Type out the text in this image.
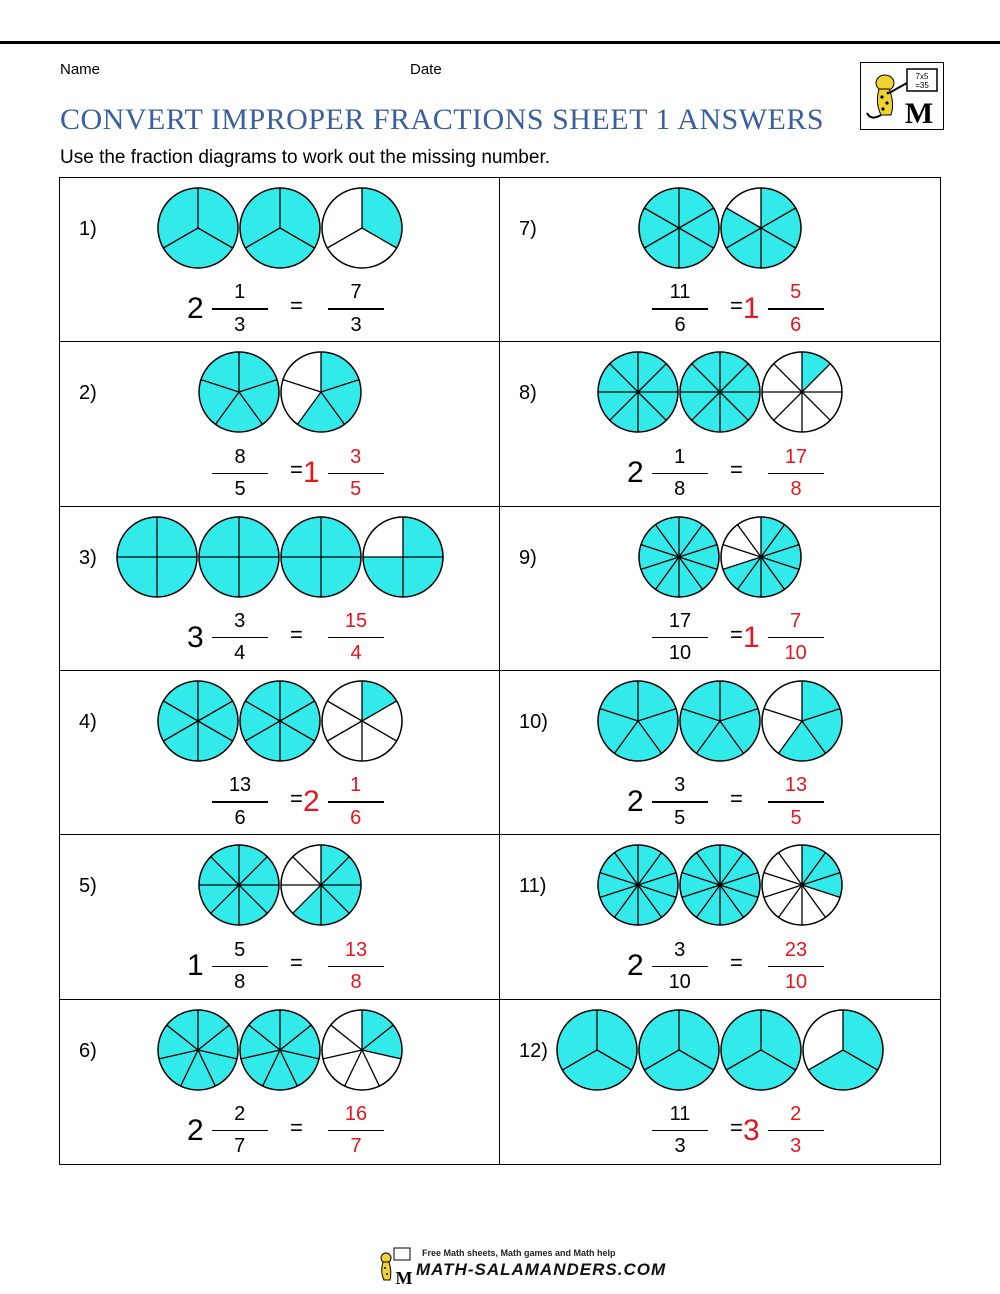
Name	Date	7x5
=35
M
CONVERT IMPROPER FRACTIONS SHEET 1 ANSWERS
Use the fraction diagrams to work out the missing number.
1)
$2 \frac{1}{3} = \frac{7}{3}$
7)
$\frac{11}{6} = 1 \frac{5}{6}$
2)
$\frac{8}{5} = 1 \frac{3}{5}$
8)
$2 \frac{1}{8} = \frac{17}{8}$
3)
$3 \frac{3}{4} = \frac{15}{4}$
9)
$\frac{17}{10} = 1 \frac{7}{10}$
4)
$\frac{13}{6} = 2 \frac{1}{6}$
10)
$2 \frac{3}{5} = \frac{13}{5}$
5)
$1 \frac{5}{8} = \frac{13}{8}$
11)
$2 \frac{3}{10} = \frac{23}{10}$
6)
$2 \frac{2}{7} = \frac{16}{7}$
12)
$\frac{11}{3} = 3 \frac{2}{3}$
M
Free Math sheets, Math games and Math help
MATH-SALAMANDERS.COM
